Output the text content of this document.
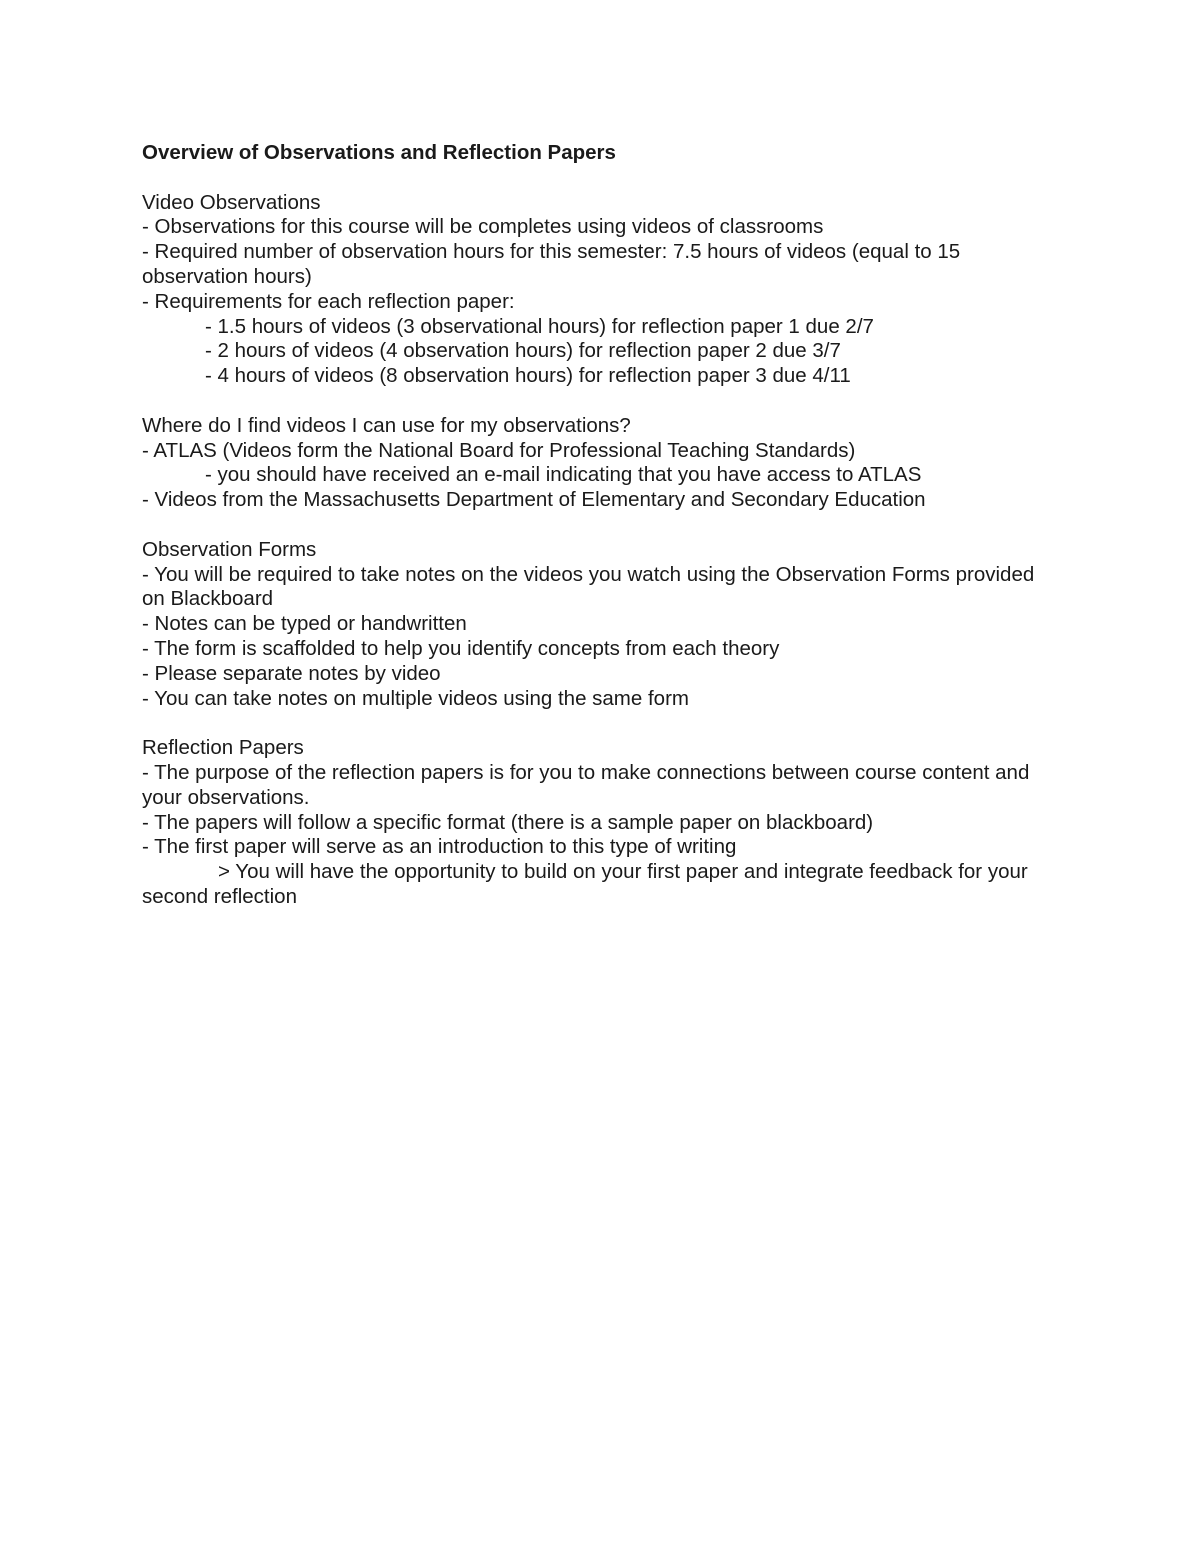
Overview of Observations and Reflection Papers

Video Observations

- Observations for this course will be completes using videos of classrooms

- Required number of observation hours for this semester: 7.5 hours of videos (equal to 15 observation hours)

- Requirements for each reflection paper:

- 1.5 hours of videos (3 observational hours) for reflection paper 1 due 2/7

- 2 hours of videos (4 observation hours) for reflection paper 2 due 3/7

- 4 hours of videos (8 observation hours) for reflection paper 3 due 4/11

Where do I find videos I can use for my observations?

- ATLAS (Videos form the National Board for Professional Teaching Standards)

- you should have received an e-mail indicating that you have access to ATLAS

- Videos from the Massachusetts Department of Elementary and Secondary Education

Observation Forms

- You will be required to take notes on the videos you watch using the Observation Forms provided on Blackboard

- Notes can be typed or handwritten

- The form is scaffolded to help you identify concepts from each theory

- Please separate notes by video

- You can take notes on multiple videos using the same form

Reflection Papers

- The purpose of the reflection papers is for you to make connections between course content and your observations.

- The papers will follow a specific format (there is a sample paper on blackboard)

- The first paper will serve as an introduction to this type of writing

> You will have the opportunity to build on your first paper and integrate feedback for your second reflection
